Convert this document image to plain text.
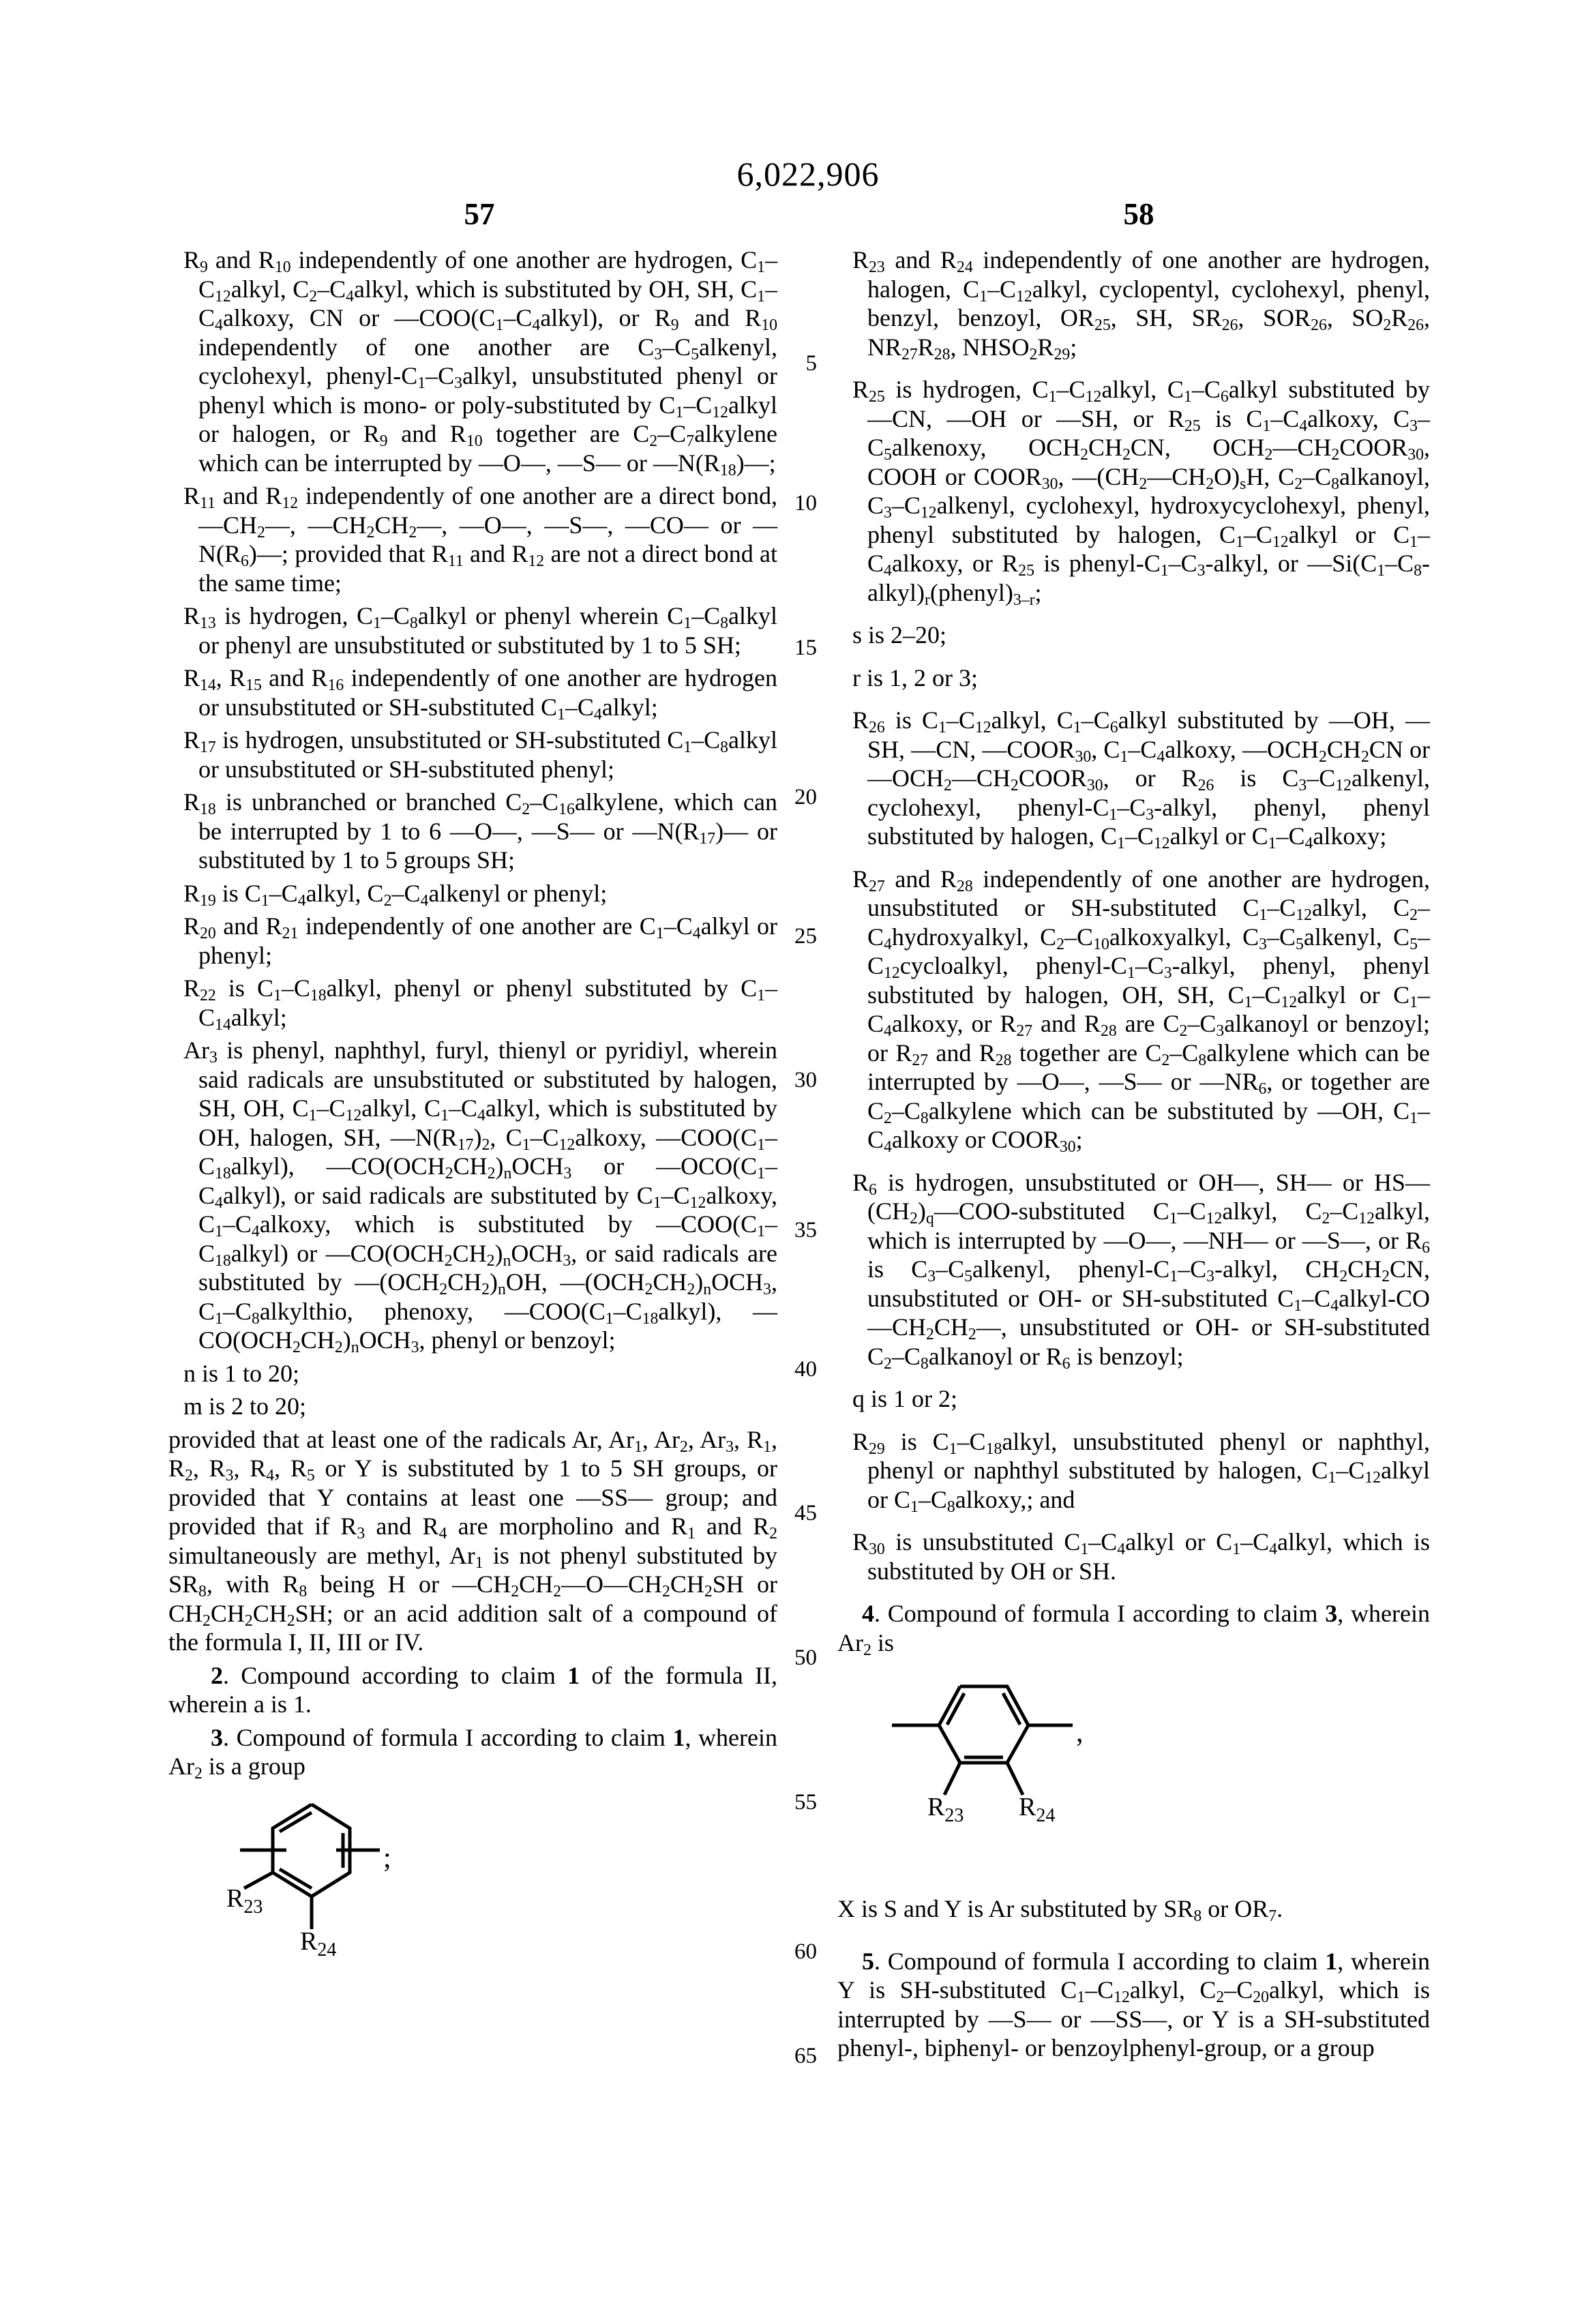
6,022,906
57	58
5
10
15
20
25
30
35
40
45
50
55
60
65

$R_9$ and $R_{10}$ independently of one another are hydrogen, $C_1-C_{12}alkyl$, $C_2-C_4alkyl$, which is substituted by OH, SH, $C_1-C_4alkoxy$, CN or $—COO(C_1-C_4alkyl)$, or $R_9$ and $R_{10}$ independently of one another are $C_3-C_5alkenyl$, cyclohexyl, phenyl-$C_1-C_3alkyl$, unsubstituted phenyl or phenyl which is mono- or poly-substituted by $C_1-C_{12}alkyl$ or halogen, or $R_9$ and $R_{10}$ together are $C_2-C_7alkylene$ which can be interrupted by —O—, —S— or $—N(R_{18})—$;

$R_{11}$ and $R_{12}$ independently of one another are a direct bond, $—CH_2—$, $—CH_2CH_2—$, —O—, —S—, —CO— or $—N(R_6)—$; provided that $R_{11}$ and $R_{12}$ are not a direct bond at the same time;

$R_{13}$ is hydrogen, $C_1-C_8alkyl$ or phenyl wherein $C_1-C_8alkyl$ or phenyl are unsubstituted or substituted by 1 to 5 SH;

$R_{14}$, $R_{15}$ and $R_{16}$ independently of one another are hydrogen or unsubstituted or SH-substituted $C_1-C_4alkyl$;

$R_{17}$ is hydrogen, unsubstituted or SH-substituted $C_1-C_8alkyl$ or unsubstituted or SH-substituted phenyl;

$R_{18}$ is unbranched or branched $C_2-C_{16}alkylene$, which can be interrupted by 1 to 6 —O—, —S— or $—N(R_{17})—$ or substituted by 1 to 5 groups SH;

$R_{19}$ is $C_1-C_4alkyl$, $C_2-C_4alkenyl$ or phenyl;

$R_{20}$ and $R_{21}$ independently of one another are $C_1-C_4alkyl$ or phenyl;

$R_{22}$ is $C_1-C_{18}alkyl$, phenyl or phenyl substituted by $C_1-C_{14}alkyl$;

$Ar_3$ is phenyl, naphthyl, furyl, thienyl or pyridiyl, wherein said radicals are unsubstituted or substituted by halogen, SH, OH, $C_1-C_{12}alkyl$, $C_1-C_4alkyl$, which is substituted by OH, halogen, SH, $—N(R_{17})_2$, $C_1-C_{12}alkoxy$, $—COO(C_1-C_{18}alkyl)$, $—CO(OCH_2CH_2)_nOCH_3$ or $—OCO(C_1-C_4alkyl)$, or said radicals are substituted by $C_1-C_{12}alkoxy$, $C_1-C_4alkoxy$, which is substituted by $—COO(C_1-C_{18}alkyl)$ or $—CO(OCH_2CH_2)_nOCH_3$, or said radicals are substituted by $—(OCH_2CH_2)_nOH$, $—(OCH_2CH_2)_nOCH_3$, $C_1-C_8alkylthio$, phenoxy, $—COO(C_1-C_{18}alkyl)$, $—CO(OCH_2CH_2)_nOCH_3$, phenyl or benzoyl;

n is 1 to 20;

m is 2 to 20;

provided that at least one of the radicals Ar, $Ar_1$, $Ar_2$, $Ar_3$, $R_1$, $R_2$, $R_3$, $R_4$, $R_5$ or Y is substituted by 1 to 5 SH groups, or provided that Y contains at least one —SS— group; and provided that if $R_3$ and $R_4$ are morpholino and $R_1$ and $R_2$ simultaneously are methyl, $Ar_1$ is not phenyl substituted by $SR_8$, with $R_8$ being H or $—CH_2CH_2—O—CH_2CH_2SH$ or $CH_2CH_2CH_2SH$; or an acid addition salt of a compound of the formula I, II, III or IV.

2. Compound according to claim 1 of the formula II, wherein a is 1.

3. Compound of formula I according to claim 1, wherein $Ar_2$ is a group

$R_{23}$
$R_{24}$
;

$R_{23}$ and $R_{24}$ independently of one another are hydrogen, halogen, $C_1-C_{12}alkyl$, cyclopentyl, cyclohexyl, phenyl, benzyl, benzoyl, $OR_{25}$, SH, $SR_{26}$, $SOR_{26}$, $SO_2R_{26}$, $NR_{27}R_{28}$, $NHSO_2R_{29}$;

$R_{25}$ is hydrogen, $C_1-C_{12}alkyl$, $C_1-C_6alkyl$ substituted by —CN, —OH or —SH, or $R_{25}$ is $C_1-C_4alkoxy$, $C_3-C_5alkenoxy$, $OCH_2CH_2CN$, $OCH_2—CH_2COOR_{30}$, COOH or $COOR_{30}$, $—(CH_2—CH_2O)_sH$, $C_2-C_8alkanoyl$, $C_3-C_{12}alkenyl$, cyclohexyl, hydroxycyclohexyl, phenyl, phenyl substituted by halogen, $C_1-C_{12}alkyl$ or $C_1-C_4alkoxy$, or $R_{25}$ is phenyl-$C_1-C_3$-alkyl, or $—Si(C_1-C_8-alkyl)_r(phenyl)_{3-r}$;

s is 2–20;

r is 1, 2 or 3;

$R_{26}$ is $C_1-C_{12}alkyl$, $C_1-C_6alkyl$ substituted by —OH, —SH, —CN, $—COOR_{30}$, $C_1-C_4alkoxy$, $—OCH_2CH_2CN$ or $—OCH_2—CH_2COOR_{30}$, or $R_{26}$ is $C_3-C_{12}alkenyl$, cyclohexyl, phenyl-$C_1-C_3$-alkyl, phenyl, phenyl substituted by halogen, $C_1-C_{12}alkyl$ or $C_1-C_4alkoxy$;

$R_{27}$ and $R_{28}$ independently of one another are hydrogen, unsubstituted or SH-substituted $C_1-C_{12}alkyl$, $C_2-C_4hydroxyalkyl$, $C_2-C_{10}alkoxyalkyl$, $C_3-C_5alkenyl$, $C_5-C_{12}cycloalkyl$, phenyl-$C_1-C_3$-alkyl, phenyl, phenyl substituted by halogen, OH, SH, $C_1-C_{12}alkyl$ or $C_1-C_4alkoxy$, or $R_{27}$ and $R_{28}$ are $C_2-C_3alkanoyl$ or benzoyl; or $R_{27}$ and $R_{28}$ together are $C_2-C_8alkylene$ which can be interrupted by —O—, —S— or $—NR_6$, or together are $C_2-C_8alkylene$ which can be substituted by —OH, $C_1-C_4alkoxy$ or $COOR_{30}$;

$R_6$ is hydrogen, unsubstituted or OH—, SH— or $HS—(CH_2)_q—COO$-substituted $C_1-C_{12}alkyl$, $C_2-C_{12}alkyl$, which is interrupted by —O—, —NH— or —S—, or $R_6$ is $C_3-C_5alkenyl$, phenyl-$C_1-C_3$-alkyl, $CH_2CH_2CN$, unsubstituted or OH- or SH-substituted $C_1-C_4alkyl-CO—CH_2CH_2—$, unsubstituted or OH- or SH-substituted $C_2-C_8alkanoyl$ or $R_6$ is benzoyl;

q is 1 or 2;

$R_{29}$ is $C_1-C_{18}alkyl$, unsubstituted phenyl or naphthyl, phenyl or naphthyl substituted by halogen, $C_1-C_{12}alkyl$ or $C_1-C_8alkoxy$,; and

$R_{30}$ is unsubstituted $C_1-C_4alkyl$ or $C_1-C_4alkyl$, which is substituted by OH or SH.

4. Compound of formula I according to claim 3, wherein $Ar_2$ is

$R_{23}$ $R_{24}$
,

X is S and Y is Ar substituted by $SR_8$ or $OR_7$.

5. Compound of formula I according to claim 1, wherein Y is SH-substituted $C_1-C_{12}alkyl$, $C_2-C_{20}alkyl$, which is interrupted by —S— or —SS—, or Y is a SH-substituted phenyl-, biphenyl- or benzoylphenyl-group, or a group
